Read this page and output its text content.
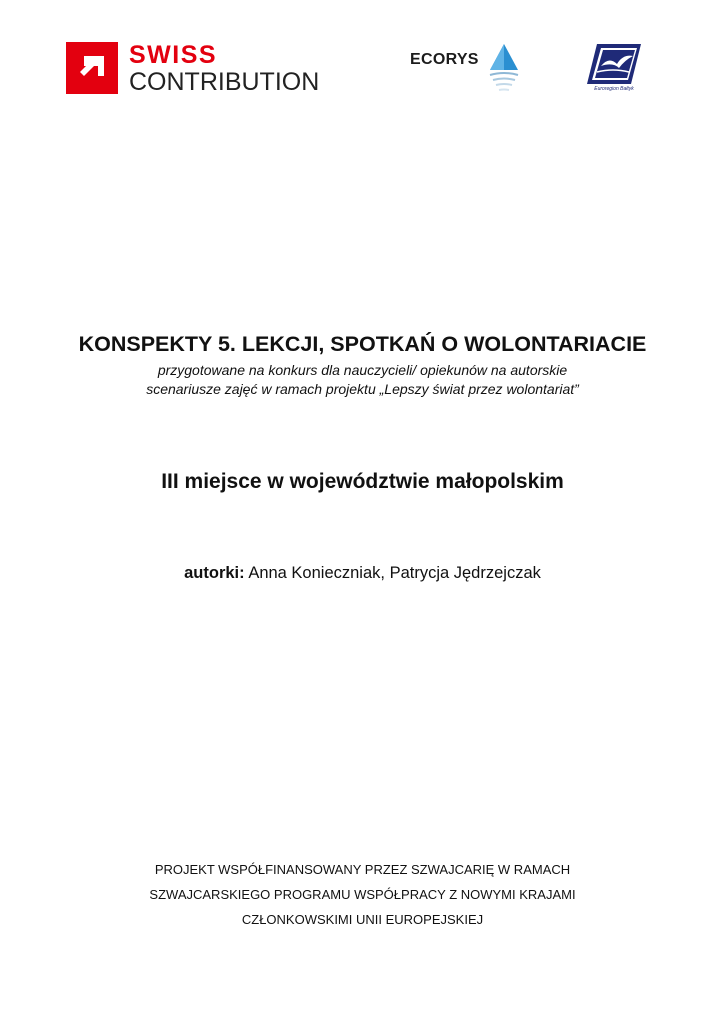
SWISS
CONTRIBUTION
ECORYS
Euroregion Bałtyk
KONSPEKTY 5. LEKCJI, SPOTKAŃ O WOLONTARIACIE
przygotowane na konkurs dla nauczycieli/ opiekunów na autorskie
scenariusze zajęć w ramach projektu „Lepszy świat przez wolontariat”
III miejsce w województwie małopolskim
autorki: Anna Konieczniak, Patrycja Jędrzejczak
PROJEKT WSPÓŁFINANSOWANY PRZEZ SZWAJCARIĘ W RAMACH
SZWAJCARSKIEGO PROGRAMU WSPÓŁPRACY Z NOWYMI KRAJAMI
CZŁONKOWSKIMI UNII EUROPEJSKIEJ
